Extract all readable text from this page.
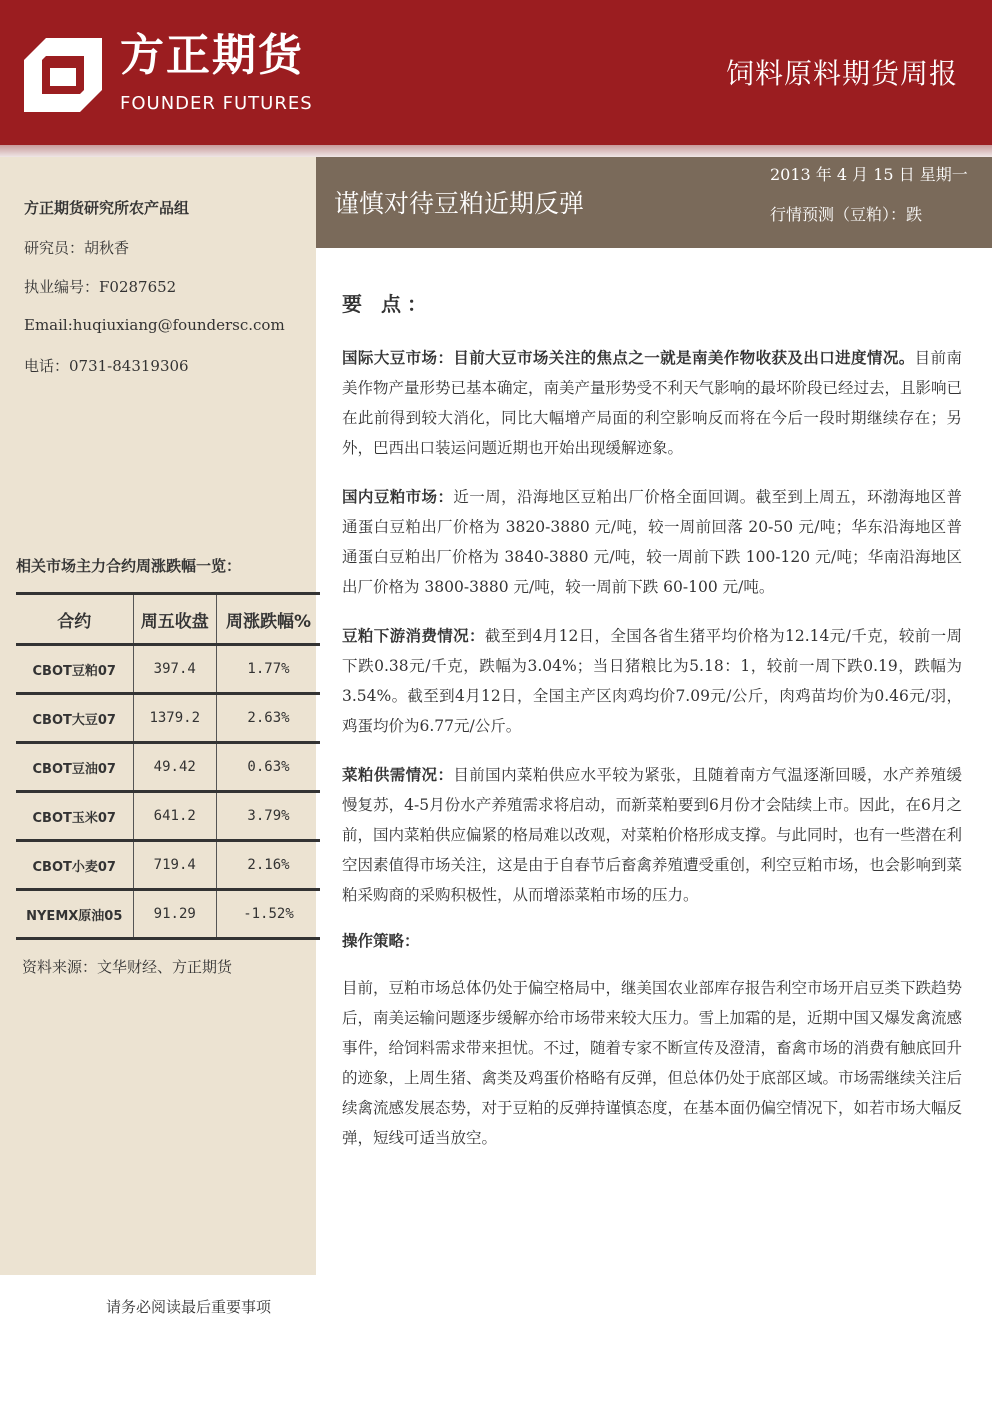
方正期货
FOUNDER FUTURES
饲料原料期货周报
方正期货研究所农产品组
研究员：胡秋香
执业编号：F0287652
Email:huqiuxiang@foundersc.com
电话：0731-84319306
相关市场主力合约周涨跌幅一览：
合约	周五收盘	周涨跌幅%
CBOT豆粕07	397.4	1.77%
CBOT大豆07	1379.2	2.63%
CBOT豆油07	49.42	0.63%
CBOT玉米07	641.2	3.79%
CBOT小麦07	719.4	2.16%
NYEMX原油05	91.29	-1.52%
资料来源：文华财经、方正期货
请务必阅读最后重要事项
谨慎对待豆粕近期反弹
2013 年 4 月 15 日 星期一
行情预测（豆粕）：跌
要 点：

国际大豆市场：目前大豆市场关注的焦点之一就是南美作物收获及出口进度情况。目前南美作物产量形势已基本确定，南美产量形势受不利天气影响的最坏阶段已经过去，且影响已在此前得到较大消化，同比大幅增产局面的利空影响反而将在今后一段时期继续存在；另外，巴西出口装运问题近期也开始出现缓解迹象。

国内豆粕市场：近一周，沿海地区豆粕出厂价格全面回调。截至到上周五，环渤海地区普通蛋白豆粕出厂价格为 3820-3880 元/吨，较一周前回落 20-50 元/吨；华东沿海地区普通蛋白豆粕出厂价格为 3840-3880 元/吨，较一周前下跌 100-120 元/吨；华南沿海地区出厂价格为 3800-3880 元/吨，较一周前下跌 60-100 元/吨。

豆粕下游消费情况：截至到4月12日，全国各省生猪平均价格为12.14元/千克，较前一周下跌0.38元/千克，跌幅为3.04%；当日猪粮比为5.18：1，较前一周下跌0.19，跌幅为3.54%。截至到4月12日，全国主产区肉鸡均价7.09元/公斤，肉鸡苗均价为0.46元/羽，鸡蛋均价为6.77元/公斤。

菜粕供需情况：目前国内菜粕供应水平较为紧张，且随着南方气温逐渐回暖，水产养殖缓慢复苏，4-5月份水产养殖需求将启动，而新菜粕要到6月份才会陆续上市。因此，在6月之前，国内菜粕供应偏紧的格局难以改观，对菜粕价格形成支撑。与此同时，也有一些潜在利空因素值得市场关注，这是由于自春节后畜禽养殖遭受重创，利空豆粕市场，也会影响到菜粕采购商的采购积极性，从而增添菜粕市场的压力。

操作策略：

目前，豆粕市场总体仍处于偏空格局中，继美国农业部库存报告利空市场开启豆类下跌趋势后，南美运输问题逐步缓解亦给市场带来较大压力。雪上加霜的是，近期中国又爆发禽流感事件，给饲料需求带来担忧。不过，随着专家不断宣传及澄清，畜禽市场的消费有触底回升的迹象，上周生猪、禽类及鸡蛋价格略有反弹，但总体仍处于底部区域。市场需继续关注后续禽流感发展态势，对于豆粕的反弹持谨慎态度，在基本面仍偏空情况下，如若市场大幅反弹，短线可适当放空。
